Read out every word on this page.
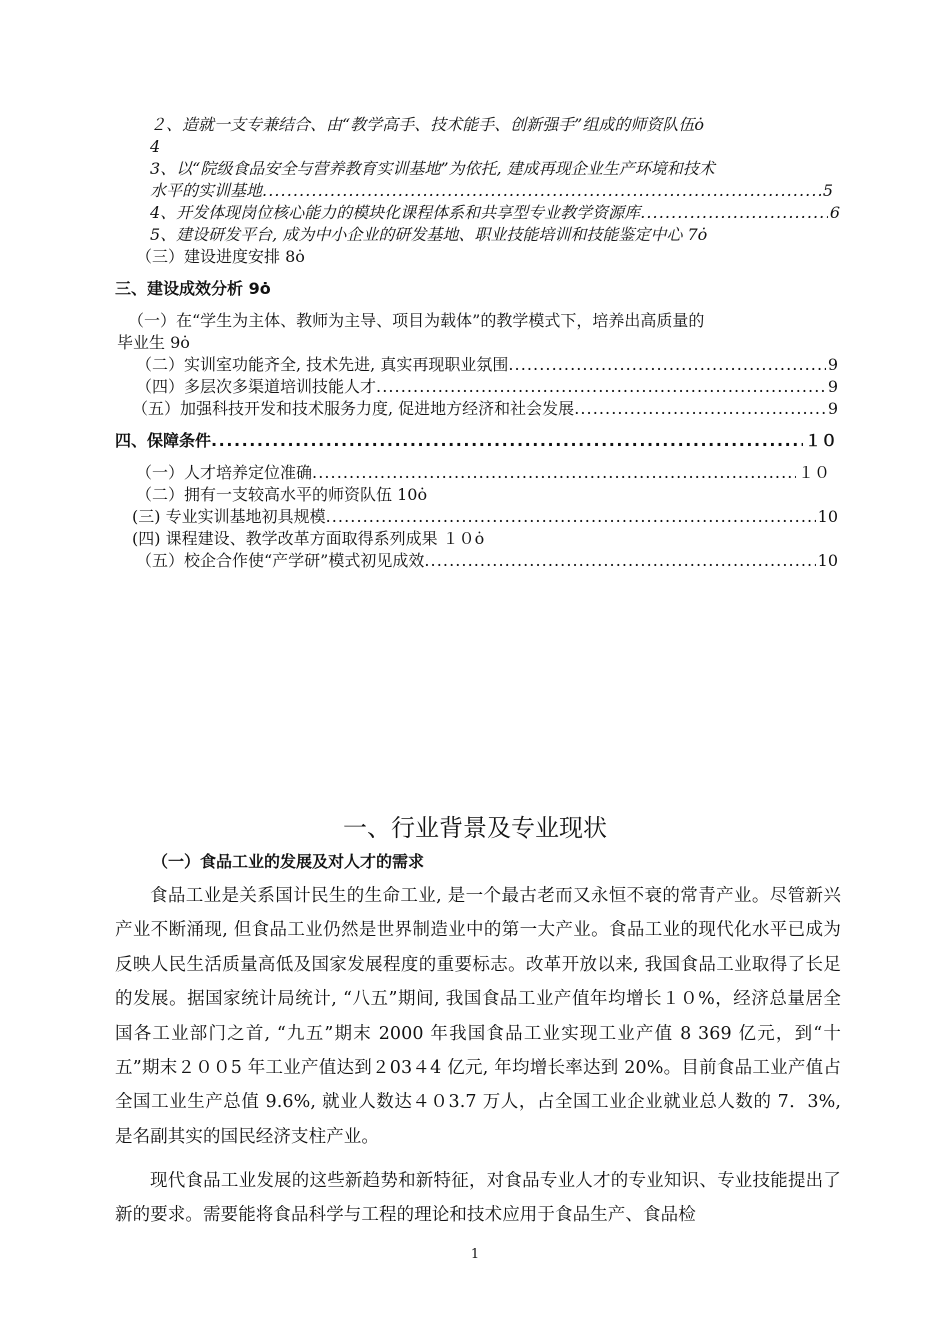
２、造就一支专兼结合、由“教学高手、技术能手、创新强手”组成的师资队伍ȯ
4
3、以“院级食品安全与营养教育实训基地”为依托, 建成再现企业生产环境和技术
水平的实训基地 . . .	5
4、开发体现岗位核心能力的模块化课程体系和共享型专业教学资源库 . . .	6
5、建设研发平台, 成为中小企业的研发基地、职业技能培训和技能鉴定中心 7ȯ
（三）建设进度安排 8ȯ
三、建设成效分析 9ȯ
（一）在“学生为主体、教师为主导、项目为载体”的教学模式下，培养出高质量的
毕业生 9ȯ
（二）实训室功能齐全, 技术先进, 真实再现职业氛围 . . .	9
（四）多层次多渠道培训技能人才 . . .	9
（五）加强科技开发和技术服务力度, 促进地方经济和社会发展 . . .	9
四、保障条件 . . .	１０
（一）人才培养定位准确 . . .	１０
（二）拥有一支较高水平的师资队伍 10ȯ
(三) 专业实训基地初具规模 . . .	10
(四) 课程建设、教学改革方面取得系列成果 １０ȯ
（五）校企合作使“产学研”模式初见成效 . . .	10
一、行业背景及专业现状
（一）食品工业的发展及对人才的需求
食品工业是关系国计民生的生命工业, 是一个最古老而又永恒不衰的常青产业。尽管新兴产业不断涌现, 但食品工业仍然是世界制造业中的第一大产业。食品工业的现代化水平已成为反映人民生活质量高低及国家发展程度的重要标志。改革开放以来, 我国食品工业取得了长足的发展。据国家统计局统计, “八五”期间, 我国食品工业产值年均增长１０%，经济总量居全国各工业部门之首, “九五”期末 2000 年我国食品工业实现工业产值 8 369 亿元，到“十五”期末２００5 年工业产值达到２03４4 亿元, 年均增长率达到 20%。目前食品工业产值占全国工业生产总值 9.6%, 就业人数达４０3.7 万人，占全国工业企业就业总人数的 7．3%, 是名副其实的国民经济支柱产业。
现代食品工业发展的这些新趋势和新特征，对食品专业人才的专业知识、专业技能提出了新的要求。需要能将食品科学与工程的理论和技术应用于食品生产、食品检
1
